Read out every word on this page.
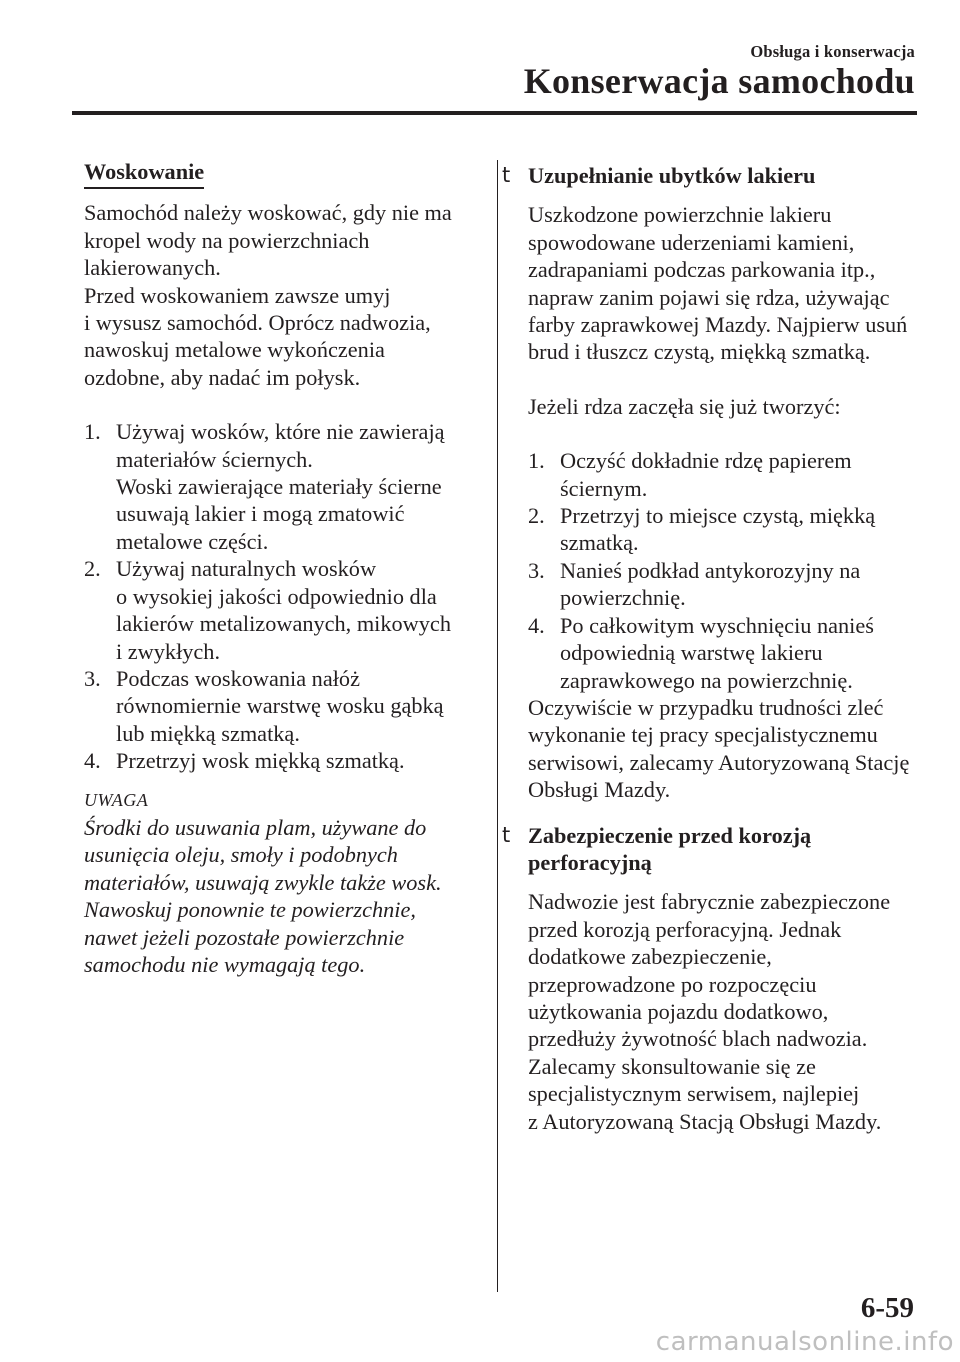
Obsługa i konserwacja
Konserwacja samochodu
Woskowanie

Samochód należy woskować, gdy nie ma
kropel wody na powierzchniach
lakierowanych.
Przed woskowaniem zawsze umyj
i wysusz samochód. Oprócz nadwozia,
nawoskuj metalowe wykończenia
ozdobne, aby nadać im połysk.

1. Używaj wosków, które nie zawierają
materiałów ściernych.
Woski zawierające materiały ścierne
usuwają lakier i mogą zmatowić
metalowe części.
2. Używaj naturalnych wosków
o wysokiej jakości odpowiednio dla
lakierów metalizowanych, mikowych
i zwykłych.
3. Podczas woskowania nałóż
równomiernie warstwę wosku gąbką
lub miękką szmatką.
4. Przetrzyj wosk miękką szmatką.
UWAGA

Środki do usuwania plam, używane do
usunięcia oleju, smoły i podobnych
materiałów, usuwają zwykle także wosk.
Nawoskuj ponownie te powierzchnie,
nawet jeżeli pozostałe powierzchnie
samochodu nie wymagają tego.

t Uzupełnianie ubytków lakieru

Uszkodzone powierzchnie lakieru
spowodowane uderzeniami kamieni,
zadrapaniami podczas parkowania itp.,
napraw zanim pojawi się rdza, używając
farby zaprawkowej Mazdy. Najpierw usuń
brud i tłuszcz czystą, miękką szmatką.

Jeżeli rdza zaczęła się już tworzyć:

1. Oczyść dokładnie rdzę papierem
ściernym.
2. Przetrzyj to miejsce czystą, miękką
szmatką.
3. Nanieś podkład antykorozyjny na
powierzchnię.
4. Po całkowitym wyschnięciu nanieś
odpowiednią warstwę lakieru
zaprawkowego na powierzchnię.

Oczywiście w przypadku trudności zleć
wykonanie tej pracy specjalistycznemu
serwisowi, zalecamy Autoryzowaną Stację
Obsługi Mazdy.

t Zabezpieczenie przed korozją
perforacyjną

Nadwozie jest fabrycznie zabezpieczone
przed korozją perforacyjną. Jednak
dodatkowe zabezpieczenie,
przeprowadzone po rozpoczęciu
użytkowania pojazdu dodatkowo,
przedłuży żywotność blach nadwozia.
Zalecamy skonsultowanie się ze
specjalistycznym serwisem, najlepiej
z Autoryzowaną Stacją Obsługi Mazdy.

6-59
carmanualsonline.info
